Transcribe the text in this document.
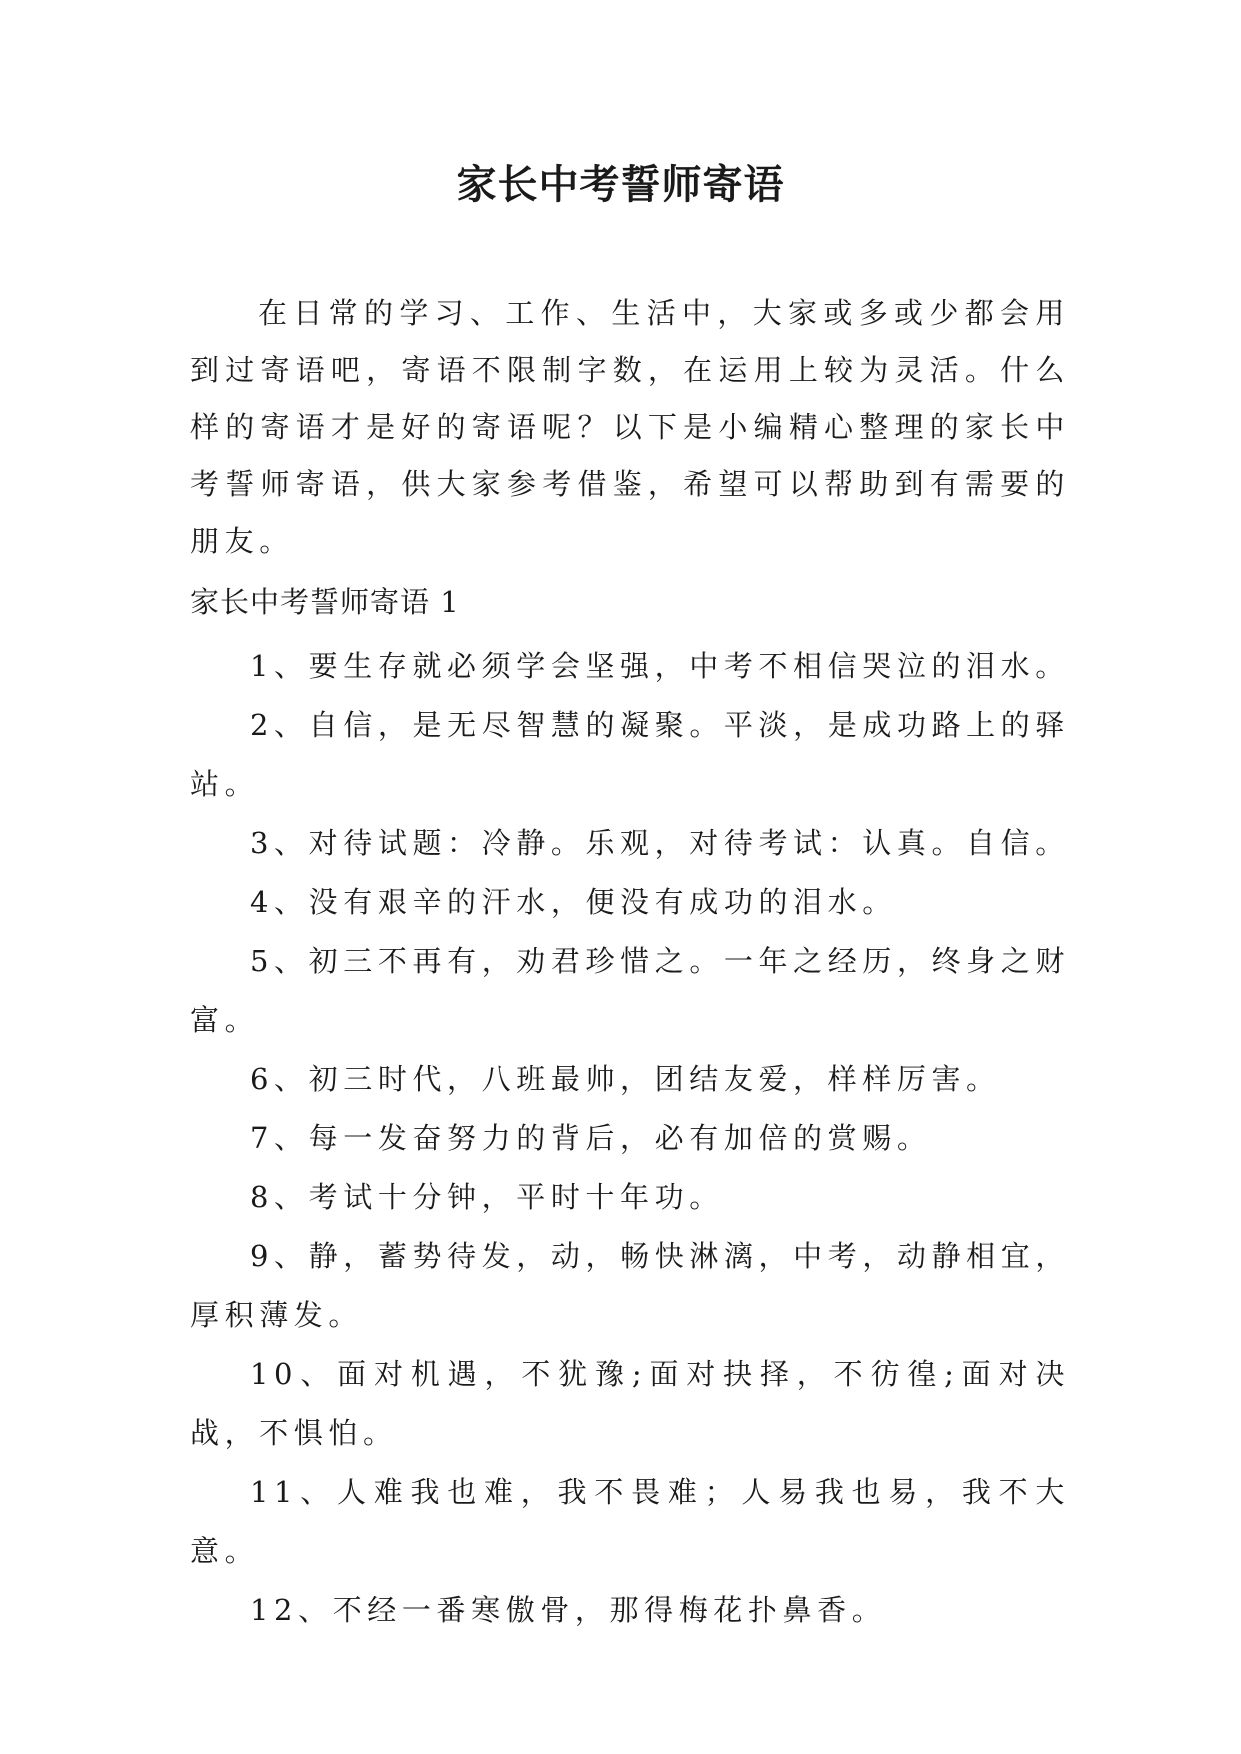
家长中考誓师寄语

在日常的学习、工作、生活中，大家或多或少都会用到过寄语吧，寄语不限制字数，在运用上较为灵活。什么样的寄语才是好的寄语呢？以下是小编精心整理的家长中考誓师寄语，供大家参考借鉴，希望可以帮助到有需要的朋友。

家长中考誓师寄语 1
1、要生存就必须学会坚强，中考不相信哭泣的泪水。
2、自信，是无尽智慧的凝聚。平淡，是成功路上的驿站。
3、对待试题：冷静。乐观，对待考试：认真。自信。
4、没有艰辛的汗水，便没有成功的泪水。
5、初三不再有，劝君珍惜之。一年之经历，终身之财富。
6、初三时代，八班最帅，团结友爱，样样厉害。
7、每一发奋努力的背后，必有加倍的赏赐。
8、考试十分钟，平时十年功。
9、静，蓄势待发，动，畅快淋漓，中考，动静相宜，厚积薄发。
10、面对机遇，不犹豫;面对抉择，不彷徨;面对决战，不惧怕。
11、人难我也难，我不畏难；人易我也易，我不大意。
12、不经一番寒傲骨，那得梅花扑鼻香。
